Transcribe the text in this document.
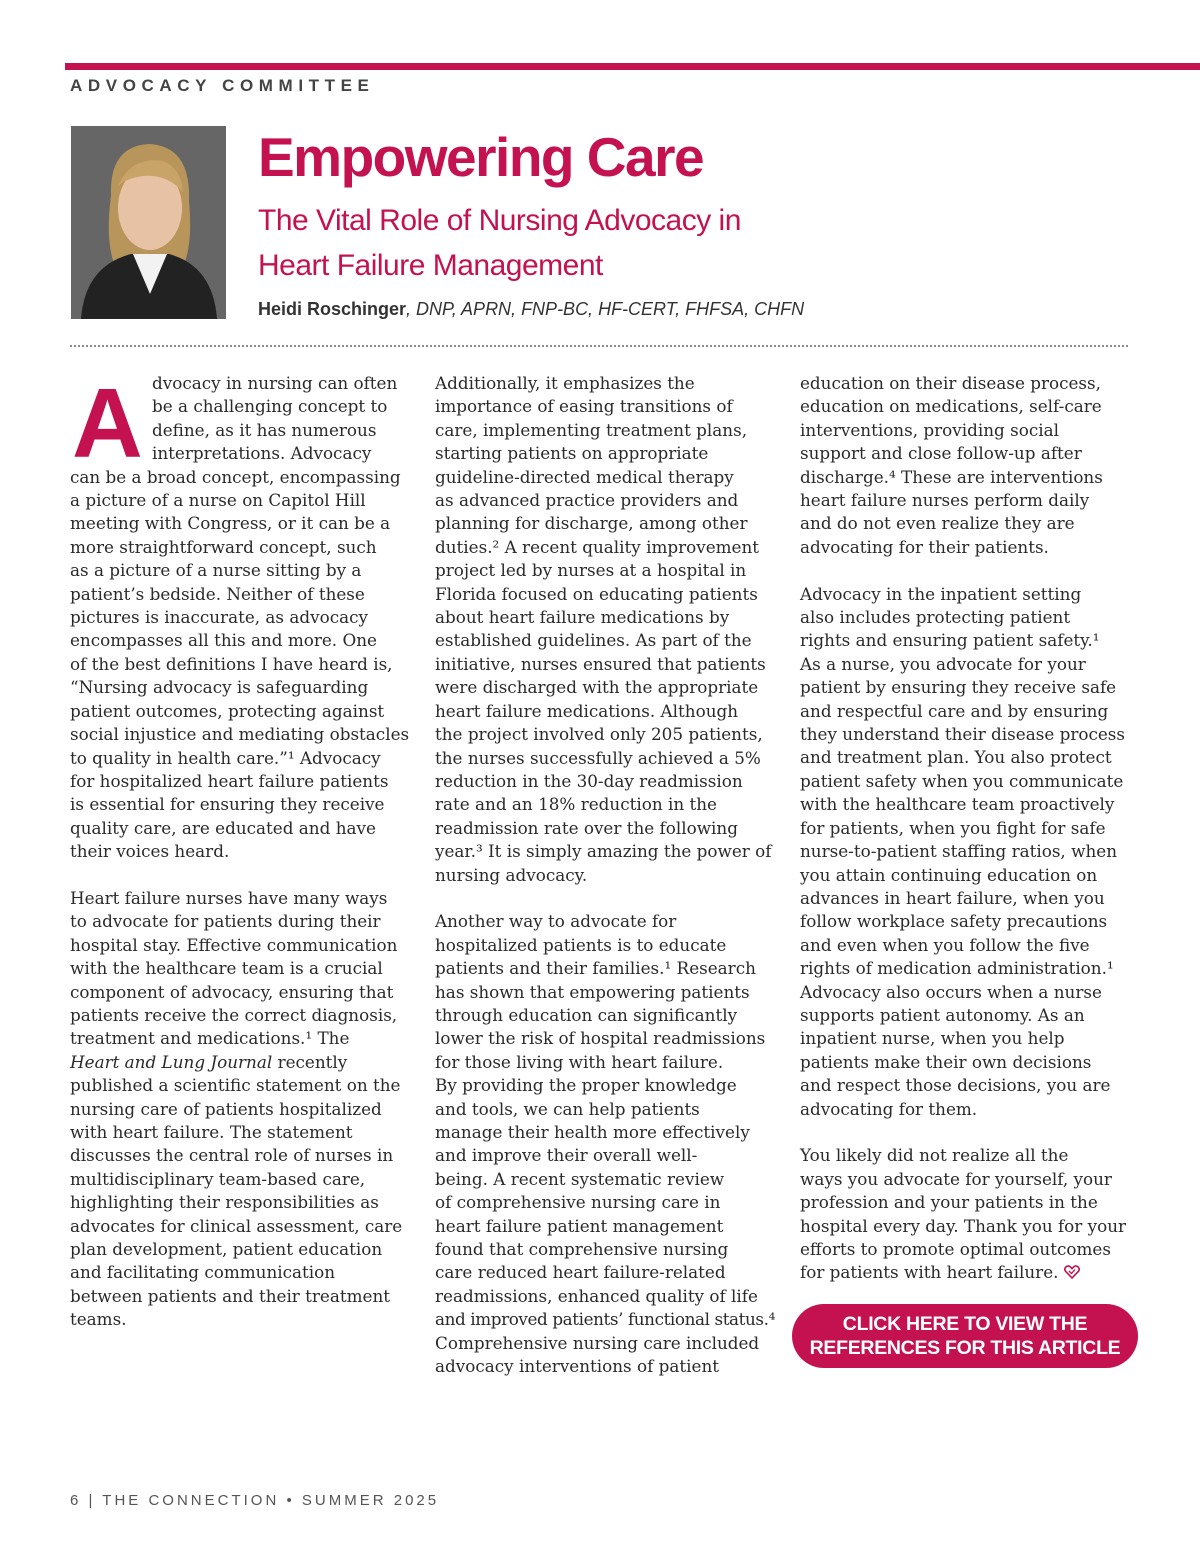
ADVOCACY COMMITTEE
Empowering Care
The Vital Role of Nursing Advocacy in
Heart Failure Management
Heidi Roschinger, DNP, APRN, FNP-BC, HF-CERT, FHFSA, CHFN
A dvocacy in nursing can often
be a challenging concept to
define, as it has numerous
interpretations. Advocacy
can be a broad concept, encompassing
a picture of a nurse on Capitol Hill
meeting with Congress, or it can be a
more straightforward concept, such
as a picture of a nurse sitting by a
patient’s bedside. Neither of these
pictures is inaccurate, as advocacy
encompasses all this and more. One
of the best definitions I have heard is,
“Nursing advocacy is safeguarding
patient outcomes, protecting against
social injustice and mediating obstacles
to quality in health care.”¹ Advocacy
for hospitalized heart failure patients
is essential for ensuring they receive
quality care, are educated and have
their voices heard.
Heart failure nurses have many ways
to advocate for patients during their
hospital stay. Effective communication
with the healthcare team is a crucial
component of advocacy, ensuring that
patients receive the correct diagnosis,
treatment and medications.¹ The
Heart and Lung Journal recently
published a scientific statement on the
nursing care of patients hospitalized
with heart failure. The statement
discusses the central role of nurses in
multidisciplinary team-based care,
highlighting their responsibilities as
advocates for clinical assessment, care
plan development, patient education
and facilitating communication
between patients and their treatment
teams.
Additionally, it emphasizes the
importance of easing transitions of
care, implementing treatment plans,
starting patients on appropriate
guideline-directed medical therapy
as advanced practice providers and
planning for discharge, among other
duties.² A recent quality improvement
project led by nurses at a hospital in
Florida focused on educating patients
about heart failure medications by
established guidelines. As part of the
initiative, nurses ensured that patients
were discharged with the appropriate
heart failure medications. Although
the project involved only 205 patients,
the nurses successfully achieved a 5%
reduction in the 30-day readmission
rate and an 18% reduction in the
readmission rate over the following
year.³ It is simply amazing the power of
nursing advocacy.
Another way to advocate for
hospitalized patients is to educate
patients and their families.¹ Research
has shown that empowering patients
through education can significantly
lower the risk of hospital readmissions
for those living with heart failure.
By providing the proper knowledge
and tools, we can help patients
manage their health more effectively
and improve their overall well-
being. A recent systematic review
of comprehensive nursing care in
heart failure patient management
found that comprehensive nursing
care reduced heart failure-related
readmissions, enhanced quality of life
and improved patients’ functional status.⁴
Comprehensive nursing care included
advocacy interventions of patient
education on their disease process,
education on medications, self-care
interventions, providing social
support and close follow-up after
discharge.⁴ These are interventions
heart failure nurses perform daily
and do not even realize they are
advocating for their patients.
Advocacy in the inpatient setting
also includes protecting patient
rights and ensuring patient safety.¹
As a nurse, you advocate for your
patient by ensuring they receive safe
and respectful care and by ensuring
they understand their disease process
and treatment plan. You also protect
patient safety when you communicate
with the healthcare team proactively
for patients, when you fight for safe
nurse-to-patient staffing ratios, when
you attain continuing education on
advances in heart failure, when you
follow workplace safety precautions
and even when you follow the five
rights of medication administration.¹
Advocacy also occurs when a nurse
supports patient autonomy. As an
inpatient nurse, when you help
patients make their own decisions
and respect those decisions, you are
advocating for them.
You likely did not realize all the
ways you advocate for yourself, your
profession and your patients in the
hospital every day. Thank you for your
efforts to promote optimal outcomes
for patients with heart failure.
CLICK HERE TO VIEW THE
REFERENCES FOR THIS ARTICLE
6 | THE CONNECTION • SUMMER 2025
